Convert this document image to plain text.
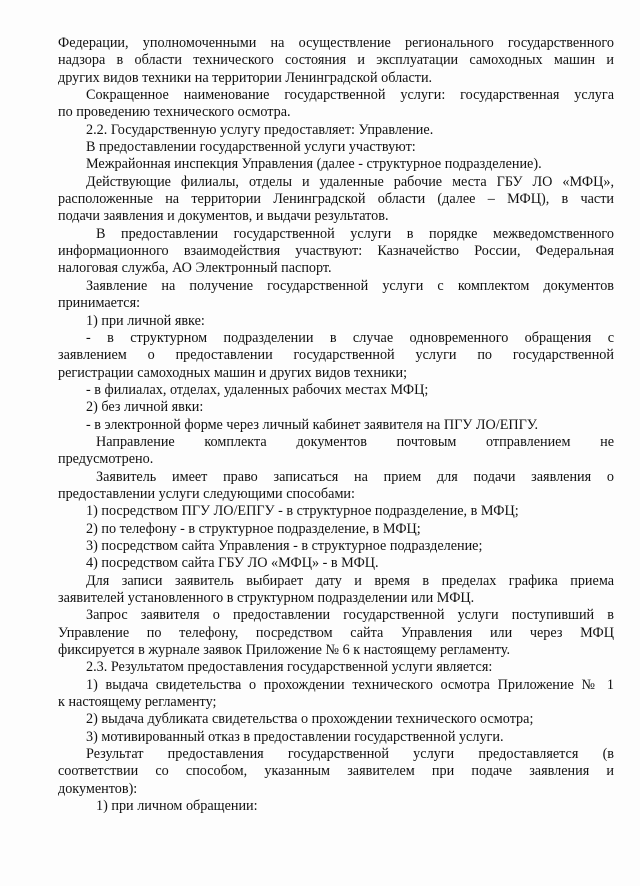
Федерации, уполномоченными на осуществление регионального государственного
надзора в области технического состояния и эксплуатации самоходных машин и
других видов техники на территории Ленинградской области.
Сокращенное наименование государственной услуги: государственная услуга
по проведению технического осмотра.
2.2. Государственную услугу предоставляет: Управление.
В предоставлении государственной услуги участвуют:
Межрайонная инспекция Управления (далее - структурное подразделение).
Действующие филиалы, отделы и удаленные рабочие места ГБУ ЛО «МФЦ»,
расположенные на территории Ленинградской области (далее – МФЦ), в части
подачи заявления и документов, и выдачи результатов.
В предоставлении государственной услуги в порядке межведомственного
информационного взаимодействия участвуют: Казначейство России, Федеральная
налоговая служба, АО Электронный паспорт.
Заявление на получение государственной услуги с комплектом документов
принимается:
1) при личной явке:
- в структурном подразделении в случае одновременного обращения с
заявлением о предоставлении государственной услуги по государственной
регистрации самоходных машин и других видов техники;
- в филиалах, отделах, удаленных рабочих местах МФЦ;
2) без личной явки:
- в электронной форме через личный кабинет заявителя на ПГУ ЛО/ЕПГУ.
Направление комплекта документов почтовым отправлением не
предусмотрено.
Заявитель имеет право записаться на прием для подачи заявления о
предоставлении услуги следующими способами:
1) посредством ПГУ ЛО/ЕПГУ - в структурное подразделение, в МФЦ;
2) по телефону - в структурное подразделение, в МФЦ;
3) посредством сайта Управления - в структурное подразделение;
4) посредством сайта ГБУ ЛО «МФЦ» - в МФЦ.
Для записи заявитель выбирает дату и время в пределах графика приема
заявителей установленного в структурном подразделении или МФЦ.
Запрос заявителя о предоставлении государственной услуги поступивший в
Управление по телефону, посредством сайта Управления или через МФЦ
фиксируется в журнале заявок Приложение № 6 к настоящему регламенту.
2.3. Результатом предоставления государственной услуги является:
1) выдача свидетельства о прохождении технического осмотра Приложение № 1
к настоящему регламенту;
2) выдача дубликата свидетельства о прохождении технического осмотра;
3) мотивированный отказ в предоставлении государственной услуги.
Результат предоставления государственной услуги предоставляется (в
соответствии со способом, указанным заявителем при подаче заявления и
документов):
1) при личном обращении:
